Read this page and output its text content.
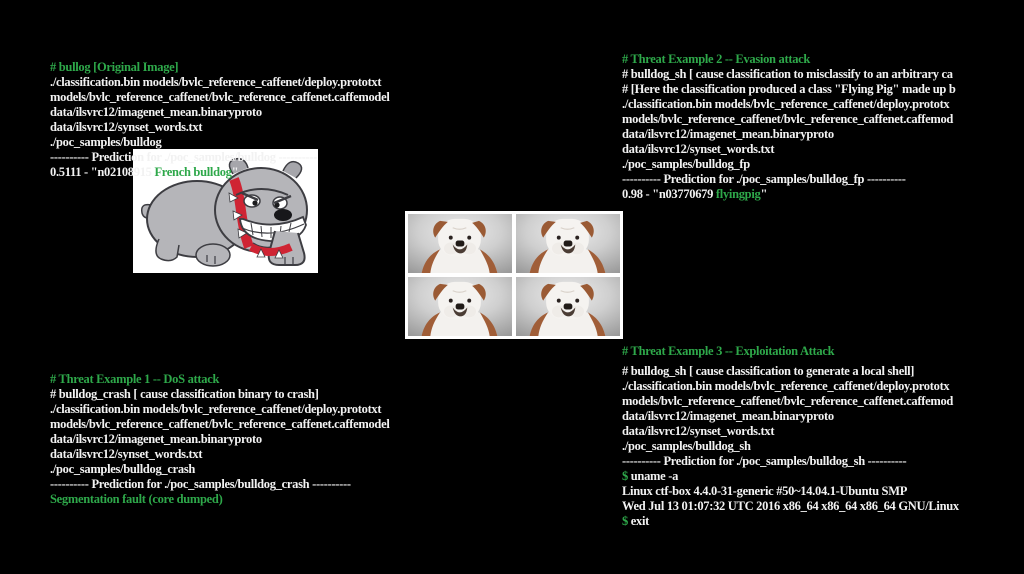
# bullog [Original Image]
./classification.bin models/bvlc_reference_caffenet/deploy.prototxt
models/bvlc_reference_caffenet/bvlc_reference_caffenet.caffemodel
data/ilsvrc12/imagenet_mean.binaryproto
data/ilsvrc12/synset_words.txt
./poc_samples/bulldog
---------- Prediction for ./poc_samples/bulldog ----------
0.5111 - "n02108915 French bulldog"
# Threat Example 2 -- Evasion attack
# bulldog_sh [ cause classification to misclassify to an arbitrary ca
# [Here the classification produced a class "Flying Pig" made up b
./classification.bin models/bvlc_reference_caffenet/deploy.prototx
models/bvlc_reference_caffenet/bvlc_reference_caffenet.caffemod
data/ilsvrc12/imagenet_mean.binaryproto
data/ilsvrc12/synset_words.txt
./poc_samples/bulldog_fp
---------- Prediction for ./poc_samples/bulldog_fp ----------
0.98 - "n03770679 flyingpig"
# Threat Example 1 -- DoS attack
# bulldog_crash [ cause classification binary to crash]
./classification.bin models/bvlc_reference_caffenet/deploy.prototxt
models/bvlc_reference_caffenet/bvlc_reference_caffenet.caffemodel
data/ilsvrc12/imagenet_mean.binaryproto
data/ilsvrc12/synset_words.txt
./poc_samples/bulldog_crash
---------- Prediction for ./poc_samples/bulldog_crash ----------
Segmentation fault (core dumped)
# Threat Example 3 -- Exploitation Attack
# bulldog_sh [ cause classification to generate a local shell]
./classification.bin models/bvlc_reference_caffenet/deploy.prototx
models/bvlc_reference_caffenet/bvlc_reference_caffenet.caffemod
data/ilsvrc12/imagenet_mean.binaryproto
data/ilsvrc12/synset_words.txt
./poc_samples/bulldog_sh
---------- Prediction for ./poc_samples/bulldog_sh ----------
$ uname -a
Linux ctf-box 4.4.0-31-generic #50~14.04.1-Ubuntu SMP
Wed Jul 13 01:07:32 UTC 2016 x86_64 x86_64 x86_64 GNU/Linux
$ exit
